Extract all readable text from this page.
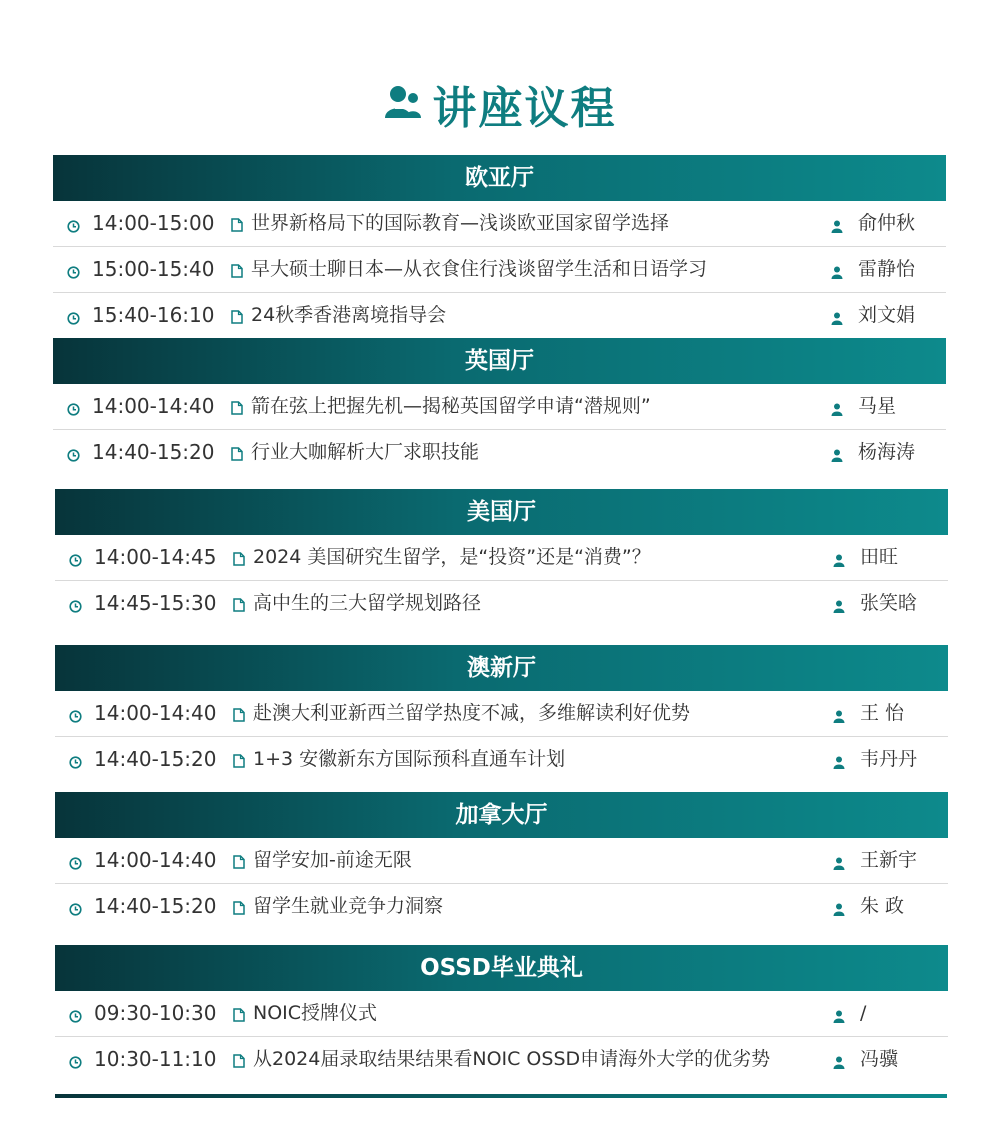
讲座议程
欧亚厅
14:00-15:00 世界新格局下的国际教育—浅谈欧亚国家留学选择	俞仲秋
15:00-15:40 早大硕士聊日本—从衣食住行浅谈留学生活和日语学习	雷静怡
15:40-16:10 24秋季香港离境指导会	刘文娟
英国厅
14:00-14:40 箭在弦上把握先机—揭秘英国留学申请“潜规则”	马星
14:40-15:20 行业大咖解析大厂求职技能	杨海涛
美国厅
14:00-14:45 2024 美国研究生留学，是“投资”还是“消费”？	田旺
14:45-15:30 高中生的三大留学规划路径	张笑晗
澳新厅
14:00-14:40 赴澳大利亚新西兰留学热度不减，多维解读利好优势	王 怡
14:40-15:20 1+3 安徽新东方国际预科直通车计划	韦丹丹
加拿大厅
14:00-14:40 留学安加-前途无限	王新宇
14:40-15:20 留学生就业竞争力洞察	朱 政
OSSD毕业典礼
09:30-10:30 NOIC授牌仪式	/
10:30-11:10 从2024届录取结果结果看NOIC OSSD申请海外大学的优劣势	冯骥
